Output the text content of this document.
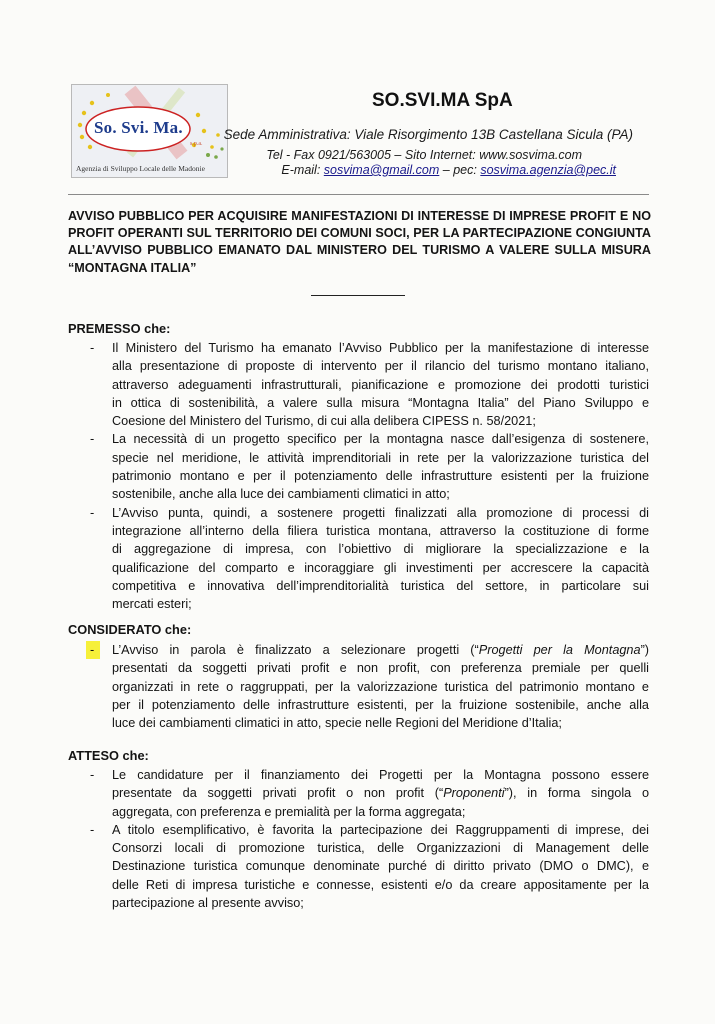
So. Svi. Ma.
s.p.a.
Agenzia di Sviluppo Locale delle Madonie
SO.SVI.MA SpA
Sede Amministrativa: Viale Risorgimento 13B Castellana Sicula (PA)
Tel - Fax 0921/563005 – Sito Internet: www.sosvima.com
E-mail: sosvima@gmail.com – pec: sosvima.agenzia@pec.it
AVVISO PUBBLICO PER ACQUISIRE MANIFESTAZIONI DI INTERESSE DI IMPRESE PROFIT E NO
PROFIT OPERANTI SUL TERRITORIO DEI COMUNI SOCI, PER LA PARTECIPAZIONE CONGIUNTA
ALL’AVVISO PUBBLICO EMANATO DAL MINISTERO DEL TURISMO A VALERE SULLA MISURA
“MONTAGNA ITALIA”
PREMESSO che:
- Il Ministero del Turismo ha emanato l’Avviso Pubblico per la manifestazione di interesse
alla presentazione di proposte di intervento per il rilancio del turismo montano italiano,
attraverso adeguamenti infrastrutturali, pianificazione e promozione dei prodotti turistici
in ottica di sostenibilità, a valere sulla misura “Montagna Italia” del Piano Sviluppo e
Coesione del Ministero del Turismo, di cui alla delibera CIPESS n. 58/2021;
- La necessità di un progetto specifico per la montagna nasce dall’esigenza di sostenere,
specie nel meridione, le attività imprenditoriali in rete per la valorizzazione turistica del
patrimonio montano e per il potenziamento delle infrastrutture esistenti per la fruizione
sostenibile, anche alla luce dei cambiamenti climatici in atto;
- L’Avviso punta, quindi, a sostenere progetti finalizzati alla promozione di processi di
integrazione all’interno della filiera turistica montana, attraverso la costituzione di forme
di aggregazione di impresa, con l’obiettivo di migliorare la specializzazione e la
qualificazione del comparto e incoraggiare gli investimenti per accrescere la capacità
competitiva e innovativa dell’imprenditorialità turistica del settore, in particolare sui
mercati esteri;
CONSIDERATO che:
-	L’Avviso in parola è finalizzato a selezionare progetti (“Progetti per la Montagna”)
presentati da soggetti privati profit e non profit, con preferenza premiale per quelli
organizzati in rete o raggruppati, per la valorizzazione turistica del patrimonio montano e
per il potenziamento delle infrastrutture esistenti, per la fruizione sostenibile, anche alla
luce dei cambiamenti climatici in atto, specie nelle Regioni del Meridione d’Italia;
ATTESO che:
- Le candidature per il finanziamento dei Progetti per la Montagna possono essere
presentate da soggetti privati profit o non profit (“Proponenti”), in forma singola o
aggregata, con preferenza e premialità per la forma aggregata;
- A titolo esemplificativo, è favorita la partecipazione dei Raggruppamenti di imprese, dei
Consorzi locali di promozione turistica, delle Organizzazioni di Management delle
Destinazione turistica comunque denominate purché di diritto privato (DMO o DMC), e
delle Reti di impresa turistiche e connesse, esistenti e/o da creare appositamente per la
partecipazione al presente avviso;
